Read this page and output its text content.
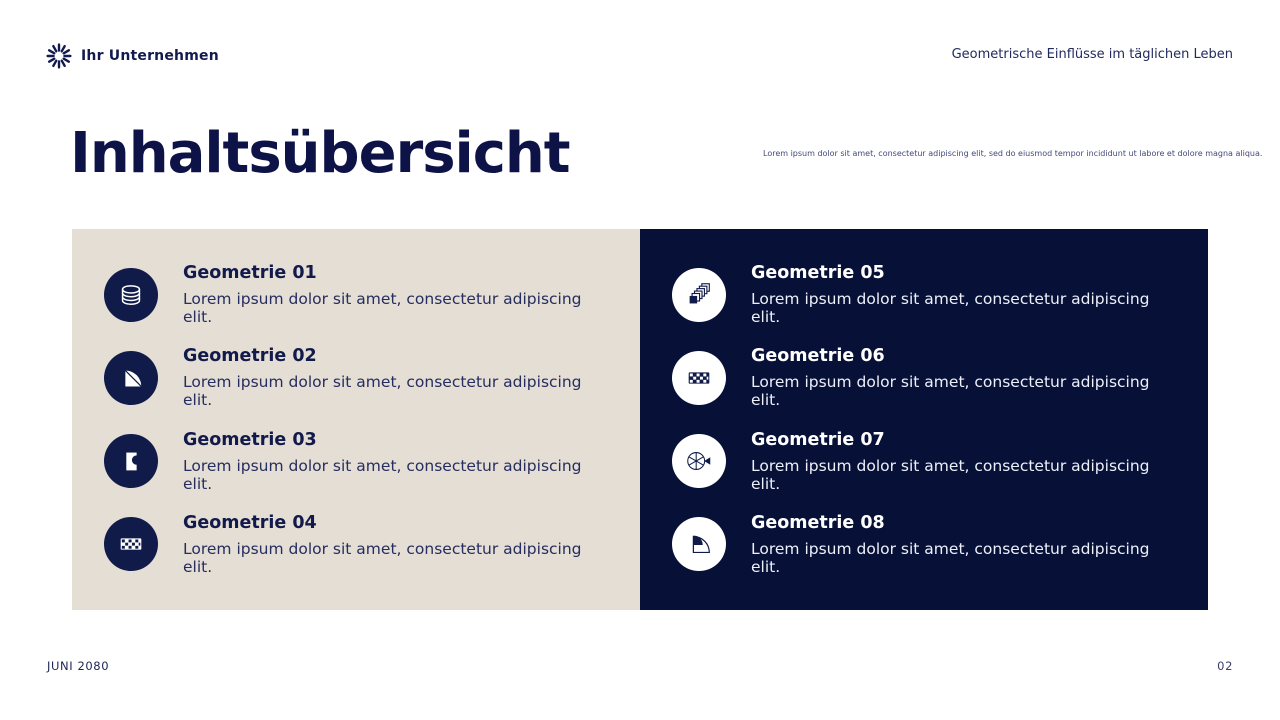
Ihr Unternehmen	Geometrische Einflüsse im täglichen Leben
Inhaltsübersicht	Lorem ipsum dolor sit amet, consectetur adipiscing elit, sed do eiusmod tempor incididunt ut labore et dolore magna aliqua.

Geometrie 01

Lorem ipsum dolor sit amet, consectetur adipiscing elit.

Geometrie 02

Lorem ipsum dolor sit amet, consectetur adipiscing elit.

Geometrie 03

Lorem ipsum dolor sit amet, consectetur adipiscing elit.

Geometrie 04

Lorem ipsum dolor sit amet, consectetur adipiscing elit.

Geometrie 05

Lorem ipsum dolor sit amet, consectetur adipiscing elit.

Geometrie 06

Lorem ipsum dolor sit amet, consectetur adipiscing elit.

Geometrie 07

Lorem ipsum dolor sit amet, consectetur adipiscing elit.

Geometrie 08

Lorem ipsum dolor sit amet, consectetur adipiscing elit.

JUNI 2080	02
